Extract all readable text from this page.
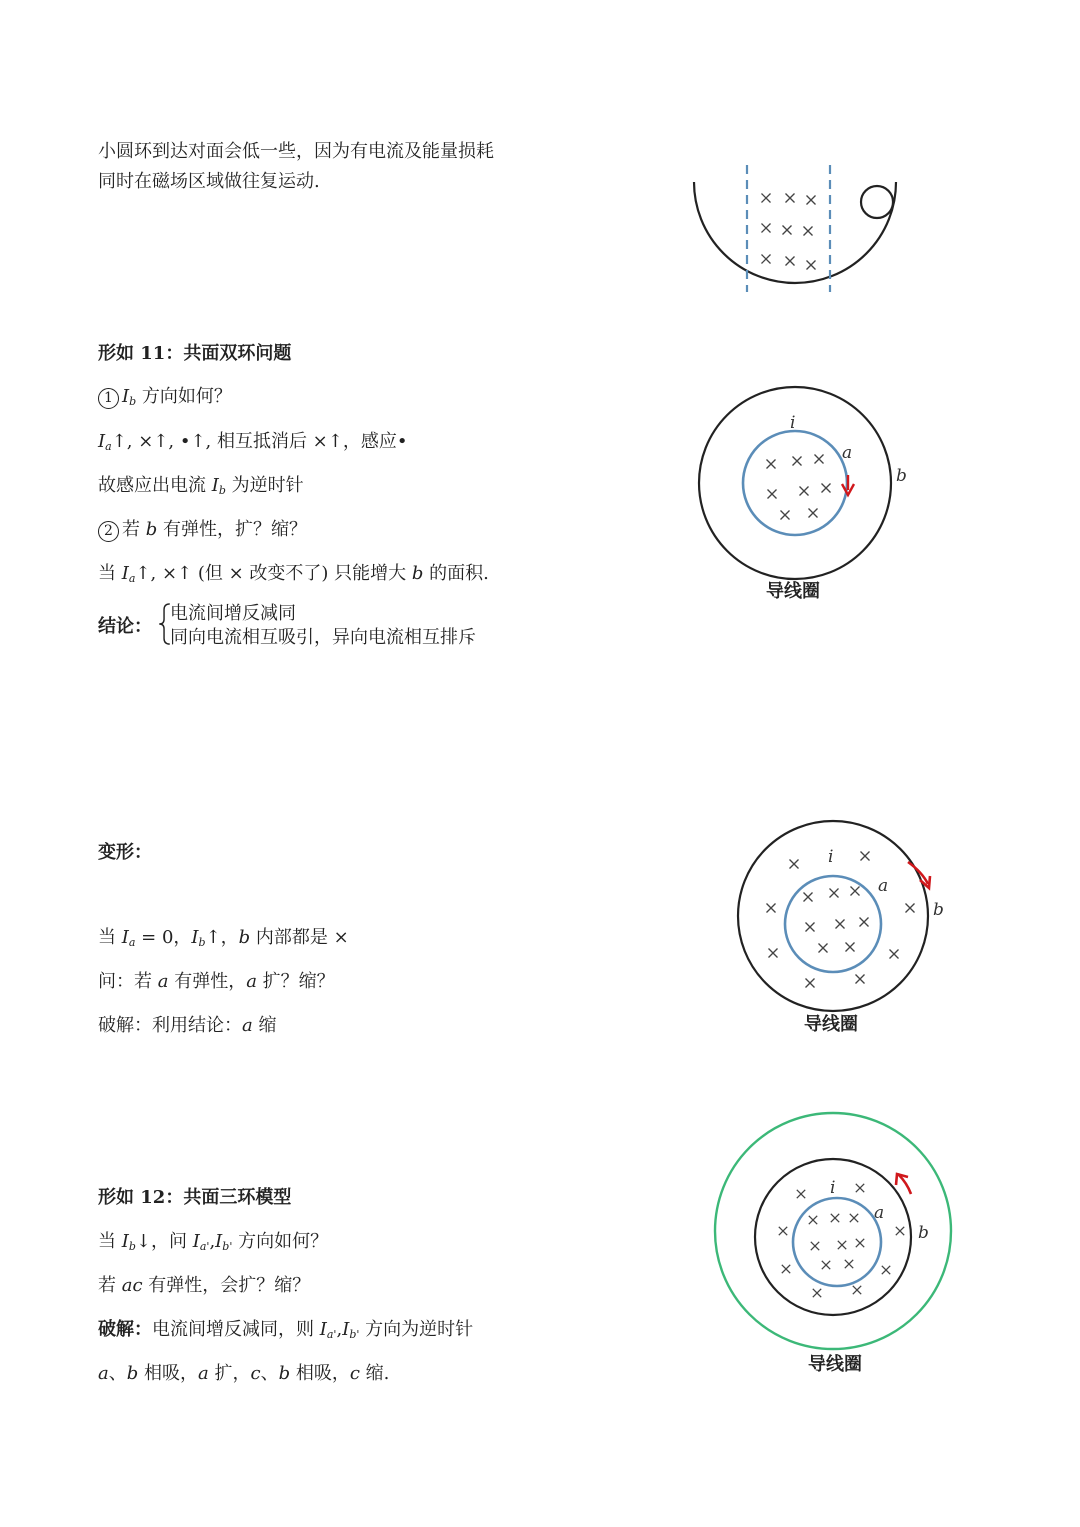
小圆环到达对面会低一些，因为有电流及能量损耗
同时在磁场区域做往复运动.
形如 11：共面双环问题
1 $I_b$ 方向如何？
$I_a↑$, ×↑, •↑, 相互抵消后 ×↑，感应•
故感应出电流 $I_b$ 为逆时针
2 若 b 有弹性，扩？缩？
当 $I_a↑$, ×↑ (但 × 改变不了) 只能增大 b 的面积.
结论：
电流间增反减同
同向电流相互吸引，异向电流相互排斥
i
a
b
导线圈
变形：
当 $I_a = 0$，$I_b↑$，b 内部都是 ×
问：若 a 有弹性，a 扩？缩？
破解：利用结论：a 缩
i
a
b
导线圈
形如 12：共面三环模型
当 $I_b↓$，问 $I_{a'},I_{b'}$ 方向如何？
若 ac 有弹性，会扩？缩？
破解：电流间增反减同，则 $I_{a'},I_{b'}$ 方向为逆时针
a、b 相吸，a 扩，c、b 相吸，c 缩.
i
a
b
导线圈
